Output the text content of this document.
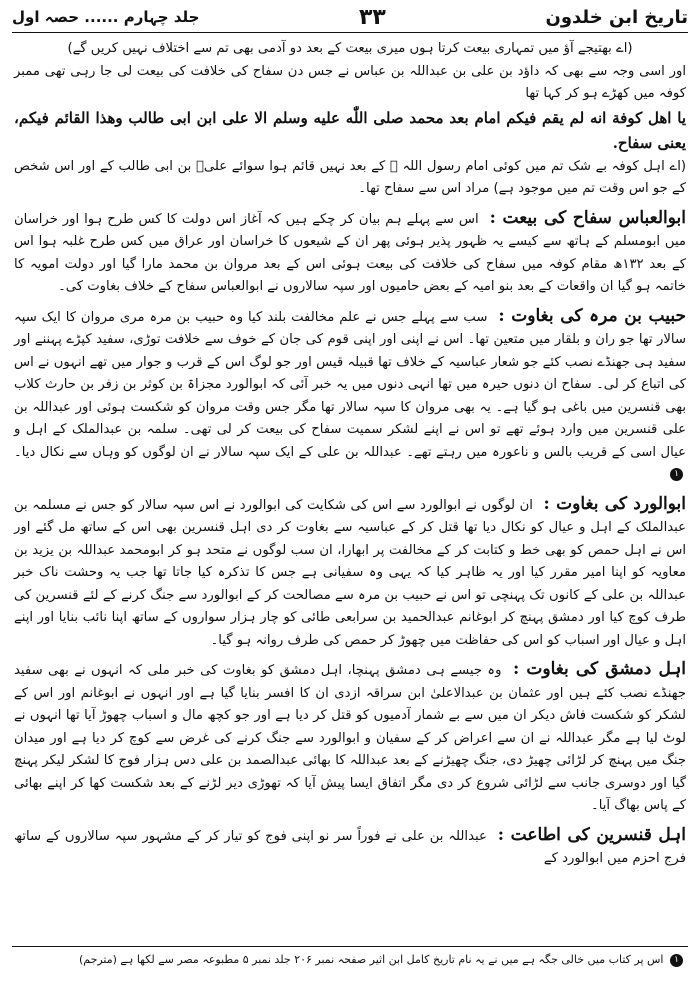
تاریخ ابن خلدون
۳۳
جلد چہارم ...... حصہ اول

(اے بھتیجے آؤ میں تمہاری بیعت کرتا ہوں میری بیعت کے بعد دو آدمی بھی تم سے اختلاف نہیں کریں گے)

اور اسی وجہ سے بھی کہ داؤد بن علی بن عبداللہ بن عباس نے جس دن سفاح کی خلافت کی بیعت لی جا رہی تھی ممبر کوفہ میں کھڑے ہو کر کہا تھا

یا اهل کوفة انه لم یقم فیکم امام بعد محمد صلی اللّٰه علیه وسلم الا علی ابن ابی طالب وهذا القائم فیکم، یعنی سفاح.

(اے اہل کوفہ بے شک تم میں کوئی امام رسول اللہ ﷺ کے بعد نہیں قائم ہوا سوائے علیؓ بن ابی طالب کے اور اس شخص کے جو اس وقت تم میں موجود ہے) مراد اس سے سفاح تھا۔

ابوالعباس سفاح کی بیعت : اس سے پہلے ہم بیان کر چکے ہیں کہ آغاز اس دولت کا کس طرح ہوا اور خراسان میں ابومسلم کے ہاتھ سے کیسے یہ ظہور پذیر ہوئی پھر ان کے شیعوں کا خراسان اور عراق میں کس طرح غلبہ ہوا اس کے بعد ۱۳۲ھ مقام کوفہ میں سفاح کی خلافت کی بیعت ہوئی اس کے بعد مروان بن محمد مارا گیا اور دولت امویہ کا خاتمہ ہو گیا ان واقعات کے بعد بنو امیہ کے بعض حامیوں اور سپہ سالاروں نے ابوالعباس سفاح کے خلاف بغاوت کی۔

حبیب بن مرہ کی بغاوت : سب سے پہلے جس نے علم مخالفت بلند کیا وہ حبیب بن مرہ مری مروان کا ایک سپہ سالار تھا جو ران و بلقار میں متعین تھا۔ اس نے اپنی اور اپنی قوم کی جان کے خوف سے خلافت توڑی، سفید کپڑے پہننے اور سفید ہی جھنڈے نصب کئے جو شعار عباسیہ کے خلاف تھا قبیلہ قیس اور جو لوگ اس کے قرب و جوار میں تھے انہوں نے اس کی اتباع کر لی۔ سفاح ان دنوں حیرہ میں تھا انہی دنوں میں یہ خبر آئی کہ ابوالورد مجزاۃ بن کوثر بن زفر بن حارث کلاب بھی قنسرین میں باغی ہو گیا ہے۔ یہ بھی مروان کا سپہ سالار تھا مگر جس وقت مروان کو شکست ہوئی اور عبداللہ بن علی قنسرین میں وارد ہوئے تھے تو اس نے اپنے لشکر سمیت سفاح کی بیعت کر لی تھی۔ سلمہ بن عبدالملک کے اہل و عیال اسی کے قریب بالس و ناعورہ میں رہتے تھے۔ عبداللہ بن علی کے ایک سپہ سالار نے ان لوگوں کو وہاں سے نکال دیا۔ ۱

ابوالورد کی بغاوت : ان لوگوں نے ابوالورد سے اس کی شکایت کی ابوالورد نے اس سپہ سالار کو جس نے مسلمہ بن عبدالملک کے اہل و عیال کو نکال دیا تھا قتل کر کے عباسیہ سے بغاوت کر دی اہل قنسرین بھی اس کے ساتھ مل گئے اور اس نے اہل حمص کو بھی خط و کتابت کر کے مخالفت پر ابھارا، ان سب لوگوں نے متحد ہو کر ابومحمد عبداللہ بن یزید بن معاویہ کو اپنا امیر مقرر کیا اور یہ ظاہر کیا کہ یہی وہ سفیانی ہے جس کا تذکرہ کیا جاتا تھا جب یہ وحشت ناک خبر عبداللہ بن علی کے کانوں تک پہنچی تو اس نے حبیب بن مرہ سے مصالحت کر کے ابوالورد سے جنگ کرنے کے لئے قنسرین کی طرف کوچ کیا اور دمشق پہنچ کر ابوغانم عبدالحمید بن سرابعی طائی کو چار ہزار سواروں کے ساتھ اپنا نائب بنایا اور اپنے اہل و عیال اور اسباب کو اس کی حفاظت میں چھوڑ کر حمص کی طرف روانہ ہو گیا۔

اہل دمشق کی بغاوت : وہ جیسے ہی دمشق پہنچا، اہل دمشق کو بغاوت کی خبر ملی کہ انہوں نے بھی سفید جھنڈے نصب کئے ہیں اور عثمان بن عبدالاعلیٰ ابن سراقہ ازدی ان کا افسر بنایا گیا ہے اور انہوں نے ابوغانم اور اس کے لشکر کو شکست فاش دیکر ان میں سے بے شمار آدمیوں کو قتل کر دیا ہے اور جو کچھ مال و اسباب چھوڑ آیا تھا انہوں نے لوٹ لیا ہے مگر عبداللہ نے ان سے اعراض کر کے سفیان و ابوالورد سے جنگ کرنے کی غرض سے کوچ کر دیا ہے اور میدان جنگ میں پہنچ کر لڑائی چھیڑ دی، جنگ چھیڑنے کے بعد عبداللہ کا بھائی عبدالصمد بن علی دس ہزار فوج کا لشکر لیکر پہنچ گیا اور دوسری جانب سے لڑائی شروع کر دی مگر اتفاق ایسا پیش آیا کہ تھوڑی دیر لڑنے کے بعد شکست کھا کر اپنے بھائی کے پاس بھاگ آیا۔

اہل قنسرین کی اطاعت : عبداللہ بن علی نے فوراً سر نو اپنی فوج کو تیار کر کے مشہور سپہ سالاروں کے ساتھ فرج احزم میں ابوالورد کے

۱ اس پر کتاب میں خالی جگہ ہے میں نے یہ نام تاریخ کامل ابن اثیر صفحہ نمبر ۲۰۶ جلد نمبر ۵ مطبوعہ مصر سے لکھا ہے (مترجم)
